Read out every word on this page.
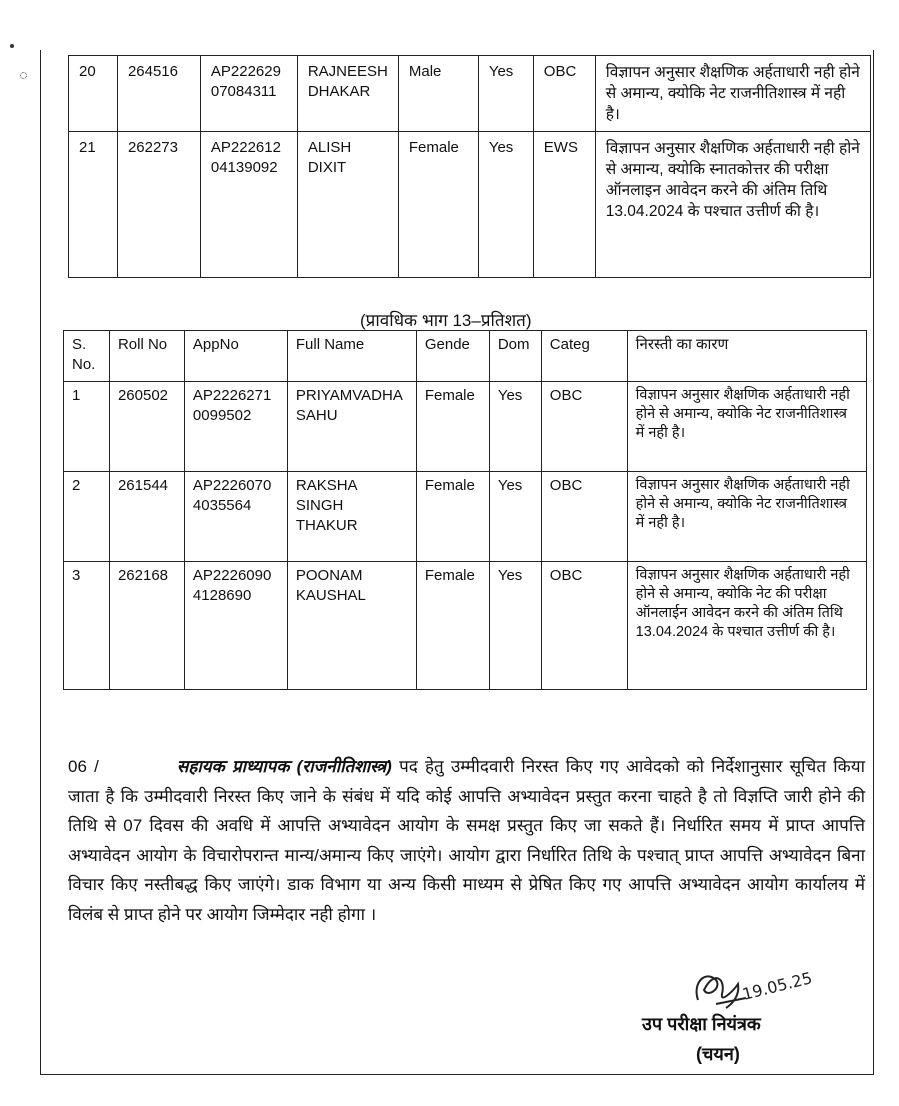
20	264516	AP222629 07084311	RAJNEESH DHAKAR	Male	Yes	OBC	विज्ञापन अनुसार शैक्षणिक अर्हताधारी नही होने से अमान्य, क्योकि नेट राजनीतिशास्त्र में नही है।
21	262273	AP222612 04139092	ALISH DIXIT	Female	Yes	EWS	विज्ञापन अनुसार शैक्षणिक अर्हताधारी नही होने से अमान्य, क्योकि स्नातकोत्तर की परीक्षा ऑनलाइन आवेदन करने की अंतिम तिथि 13.04.2024 के पश्चात उत्तीर्ण की है।
(प्रावधिक भाग 13–प्रतिशत)
S. No.	Roll No	AppNo	Full Name	Gende	Dom	Categ	निरस्ती का कारण
1	260502	AP2226271 0099502	PRIYAMVADHA SAHU	Female	Yes	OBC	विज्ञापन अनुसार शैक्षणिक अर्हताधारी नही होने से अमान्य, क्योकि नेट राजनीतिशास्त्र में नही है।
2	261544	AP2226070 4035564	RAKSHA SINGH THAKUR	Female	Yes	OBC	विज्ञापन अनुसार शैक्षणिक अर्हताधारी नही होने से अमान्य, क्योकि नेट राजनीतिशास्त्र में नही है।
3	262168	AP2226090 4128690	POONAM KAUSHAL	Female	Yes	OBC	विज्ञापन अनुसार शैक्षणिक अर्हताधारी नही होने से अमान्य, क्योकि नेट की परीक्षा ऑनलाईन आवेदन करने की अंतिम तिथि 13.04.2024 के पश्चात उत्तीर्ण की है।
06 /	सहायक प्राध्यापक (राजनीतिशास्त्र) पद हेतु उम्मीदवारी निरस्त किए गए आवेदको को निर्देशानुसार सूचित किया जाता है कि उम्मीदवारी निरस्त किए जाने के संबंध में यदि कोई आपत्ति अभ्यावेदन प्रस्तुत करना चाहते है तो विज्ञप्ति जारी होने की तिथि से 07 दिवस की अवधि में आपत्ति अभ्यावेदन आयोग के समक्ष प्रस्तुत किए जा सकते हैं। निर्धारित समय में प्राप्त आपत्ति अभ्यावेदन आयोग के विचारोपरान्त मान्य/अमान्य किए जाएंगे। आयोग द्वारा निर्धारित तिथि के पश्चात् प्राप्त आपत्ति अभ्यावेदन बिना विचार किए नस्तीबद्ध किए जाएंगे। डाक विभाग या अन्य किसी माध्यम से प्रेषित किए गए आपत्ति अभ्यावेदन आयोग कार्यालय में विलंब से प्राप्त होने पर आयोग जिम्मेदार नही होगा ।
19.05.25
उप परीक्षा नियंत्रक
(चयन)
